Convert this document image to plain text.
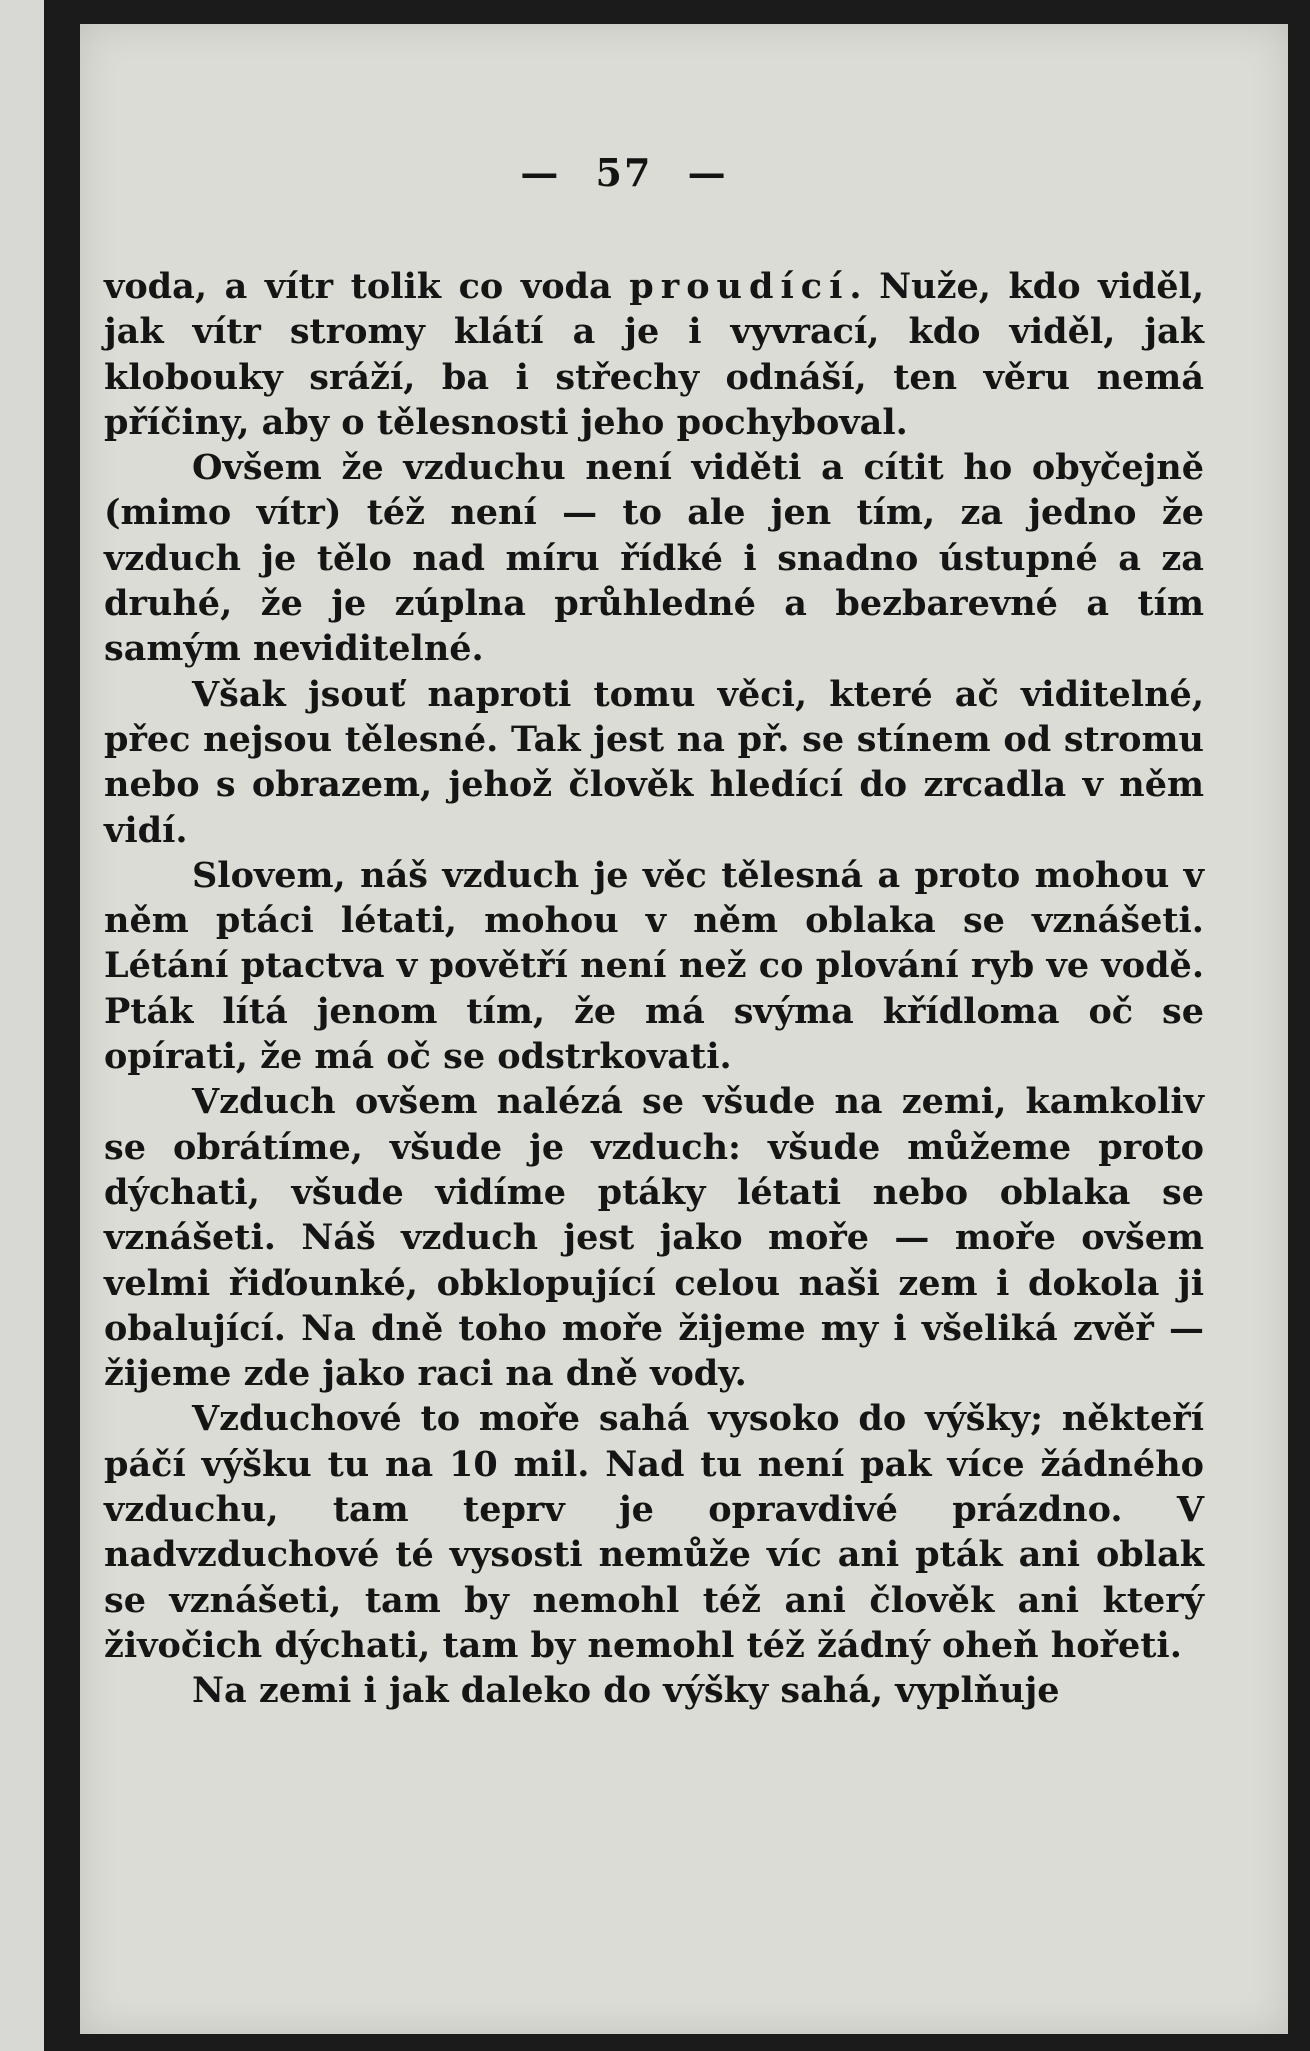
— 57 —

voda, a vítr tolik co voda proudící. Nuže, kdo viděl, jak vítr stromy klátí a je i vyvrací, kdo viděl, jak klobouky sráží, ba i střechy odnáší, ten věru nemá příčiny, aby o tělesnosti jeho pochyboval.

Ovšem že vzduchu není viděti a cítit ho obyčejně (mimo vítr) též není — to ale jen tím, za jedno že vzduch je tělo nad míru řídké i snadno ústupné a za druhé, že je zúplna průhledné a bezbarevné a tím samým neviditelné.

Však jsouť naproti tomu věci, které ač viditelné, přec nejsou tělesné. Tak jest na př. se stínem od stromu nebo s obrazem, jehož člověk hledící do zrcadla v něm vidí.

Slovem, náš vzduch je věc tělesná a proto mohou v něm ptáci létati, mohou v něm oblaka se vznášeti. Létání ptactva v povětří není než co plování ryb ve vodě. Pták lítá jenom tím, že má svýma křídloma oč se opírati, že má oč se odstrkovati.

Vzduch ovšem nalézá se všude na zemi, kamkoliv se obrátíme, všude je vzduch: všude můžeme proto dýchati, všude vidíme ptáky létati nebo oblaka se vznášeti. Náš vzduch jest jako moře — moře ovšem velmi řiďounké, obklopující celou naši zem i dokola ji obalující. Na dně toho moře žijeme my i všeliká zvěř — žijeme zde jako raci na dně vody.

Vzduchové to moře sahá vysoko do výšky; někteří páčí výšku tu na 10 mil. Nad tu není pak více žádného vzduchu, tam teprv je opravdivé prázdno. V nadvzduchové té vysosti nemůže víc ani pták ani oblak se vznášeti, tam by nemohl též ani člověk ani který živočich dýchati, tam by nemohl též žádný oheň hořeti.

Na zemi i jak daleko do výšky sahá, vyplňuje
